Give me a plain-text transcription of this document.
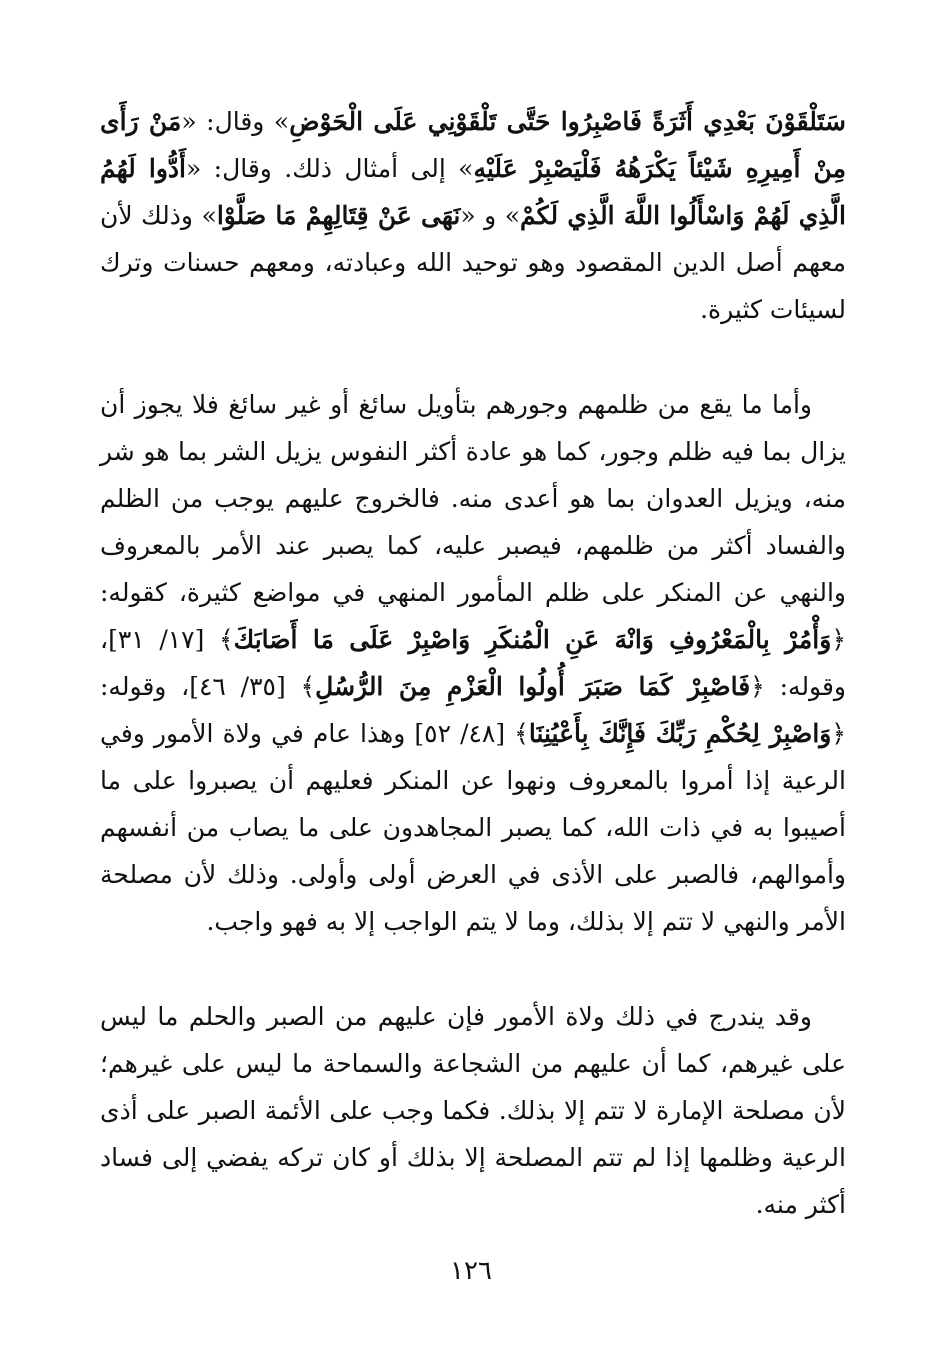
سَتَلْقَوْنَ بَعْدِي أَثَرَةً فَاصْبِرُوا حَتَّى تَلْقَوْنِي عَلَى الْحَوْضِ» وقال: «مَنْ رَأَى مِنْ أَمِيرِهِ شَيْئاً يَكْرَهُهُ فَلْيَصْبِرْ عَلَيْهِ» إلى أمثال ذلك. وقال: «أَدُّوا لَهُمُ الَّذِي لَهُمْ وَاسْأَلُوا اللَّهَ الَّذِي لَكُمْ» و «نَهَى عَنْ قِتَالِهِمْ مَا صَلَّوْا» وذلك لأن معهم أصل الدين المقصود وهو توحيد الله وعبادته، ومعهم حسنات وترك لسيئات كثيرة.

وأما ما يقع من ظلمهم وجورهم بتأويل سائغ أو غير سائغ فلا يجوز أن يزال بما فيه ظلم وجور، كما هو عادة أكثر النفوس يزيل الشر بما هو شر منه، ويزيل العدوان بما هو أعدى منه. فالخروج عليهم يوجب من الظلم والفساد أكثر من ظلمهم، فيصبر عليه، كما يصبر عند الأمر بالمعروف والنهي عن المنكر على ظلم المأمور المنهي في مواضع كثيرة، كقوله: ﴿وَأْمُرْ بِالْمَعْرُوفِ وَانْهَ عَنِ الْمُنكَرِ وَاصْبِرْ عَلَى مَا أَصَابَكَ﴾ [١٧/ ٣١]، وقوله: ﴿فَاصْبِرْ كَمَا صَبَرَ أُولُوا الْعَزْمِ مِنَ الرُّسُلِ﴾ [٣٥/ ٤٦]، وقوله: ﴿وَاصْبِرْ لِحُكْمِ رَبِّكَ فَإِنَّكَ بِأَعْيُنِنَا﴾ [٤٨/ ٥٢] وهذا عام في ولاة الأمور وفي الرعية إذا أمروا بالمعروف ونهوا عن المنكر فعليهم أن يصبروا على ما أصيبوا به في ذات الله، كما يصبر المجاهدون على ما يصاب من أنفسهم وأموالهم، فالصبر على الأذى في العرض أولى وأولى. وذلك لأن مصلحة الأمر والنهي لا تتم إلا بذلك، وما لا يتم الواجب إلا به فهو واجب.

وقد يندرج في ذلك ولاة الأمور فإن عليهم من الصبر والحلم ما ليس على غيرهم، كما أن عليهم من الشجاعة والسماحة ما ليس على غيرهم؛ لأن مصلحة الإمارة لا تتم إلا بذلك. فكما وجب على الأئمة الصبر على أذى الرعية وظلمها إذا لم تتم المصلحة إلا بذلك أو كان تركه يفضي إلى فساد أكثر منه.

١٢٦
